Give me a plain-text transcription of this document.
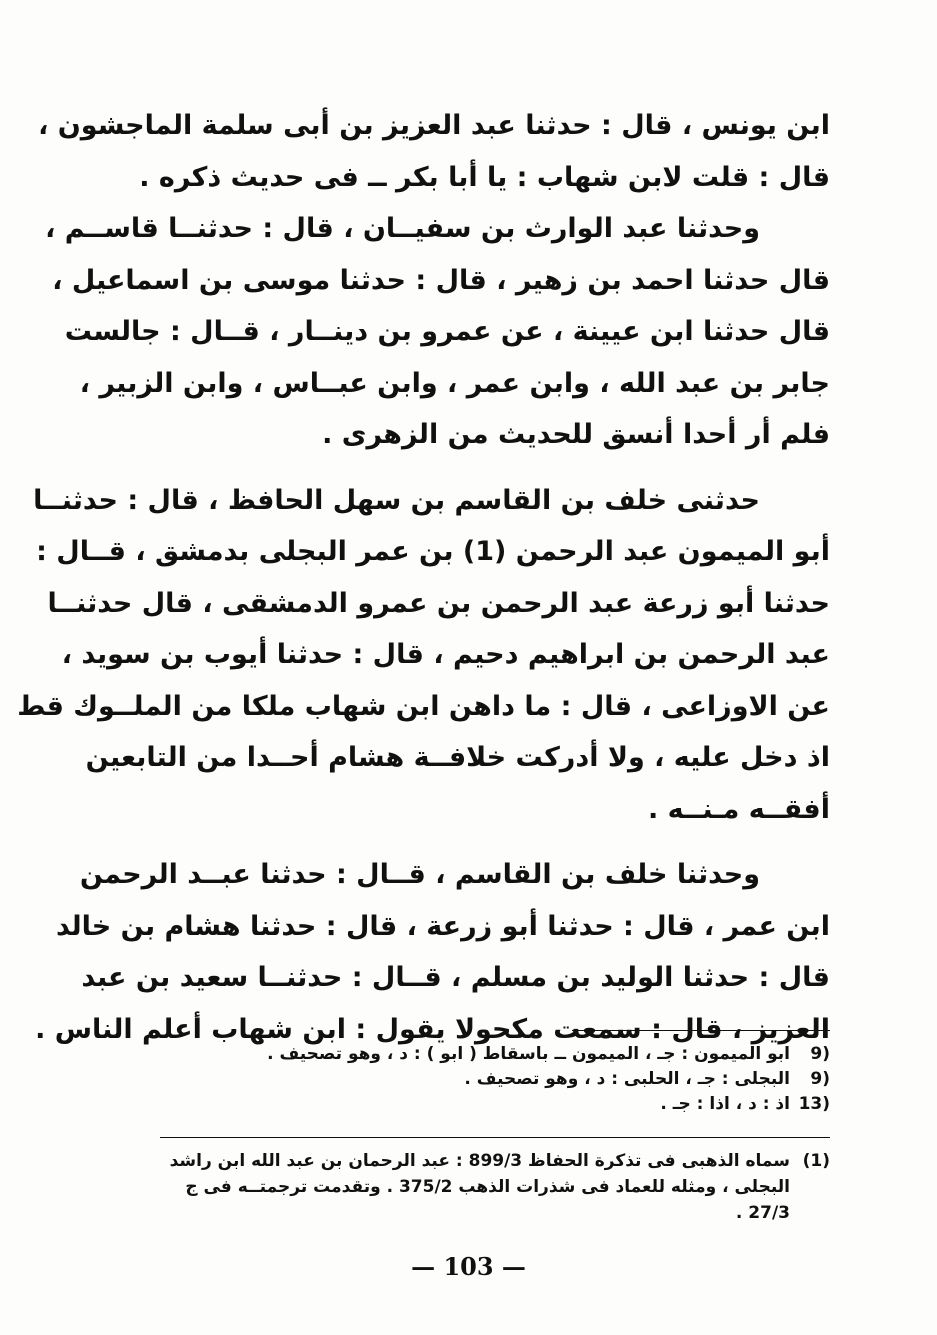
ابن يونس ، قال : حدثنا عبد العزيز بن أبى سلمة الماجشون ،
قال : قلت لابن شهاب : يا أبا بكر ــ فى حديث ذكره .
وحدثنا عبد الوارث بن سفيــان ، قال : حدثنــا قاســم ،
قال حدثنا احمد بن زهير ، قال : حدثنا موسى بن اسماعيل ،
قال حدثنا ابن عيينة ، عن عمرو بن دينــار ، قــال : جالست
جابر بن عبد الله ، وابن عمر ، وابن عبــاس ، وابن الزبير ،
فلم أر أحدا أنسق للحديث من الزهرى .
حدثنى خلف بن القاسم بن سهل الحافظ ، قال : حدثنــا
أبو الميمون عبد الرحمن (1) بن عمر البجلى بدمشق ، قــال :
حدثنا أبو زرعة عبد الرحمن بن عمرو الدمشقى ، قال حدثنــا
عبد الرحمن بن ابراهيم دحيم ، قال : حدثنا أيوب بن سويد ،
عن الاوزاعى ، قال : ما داهن ابن شهاب ملكا من الملــوك قط
اذ دخل عليه ، ولا أدركت خلافــة هشام أحــدا من التابعين
أفقــه مـنــه .
وحدثنا خلف بن القاسم ، قــال : حدثنا عبــد الرحمن
ابن عمر ، قال : حدثنا أبو زرعة ، قال : حدثنا هشام بن خالد
قال : حدثنا الوليد بن مسلم ، قــال : حدثنــا سعيد بن عبد
العزيز ، قال : سمعت مكحولا يقول : ابن شهاب أعلم الناس .
9)
ابو الميمون : جـ ، الميمون ــ باسقاط ( ابو ) : د ، وهو تصحيف .
9)
البجلى : جـ ، الحلبى : د ، وهو تصحيف .
13)
اذ : د ، اذا : جـ .
(1)
سماه الذهبى فى تذكرة الحفاظ 899/3 : عبد الرحمان بن عبد الله ابن راشد البجلى ، ومثله للعماد فى شذرات الذهب 375/2 . وتقدمت ترجمتــه فى ج 27/3 .
— 103 —
